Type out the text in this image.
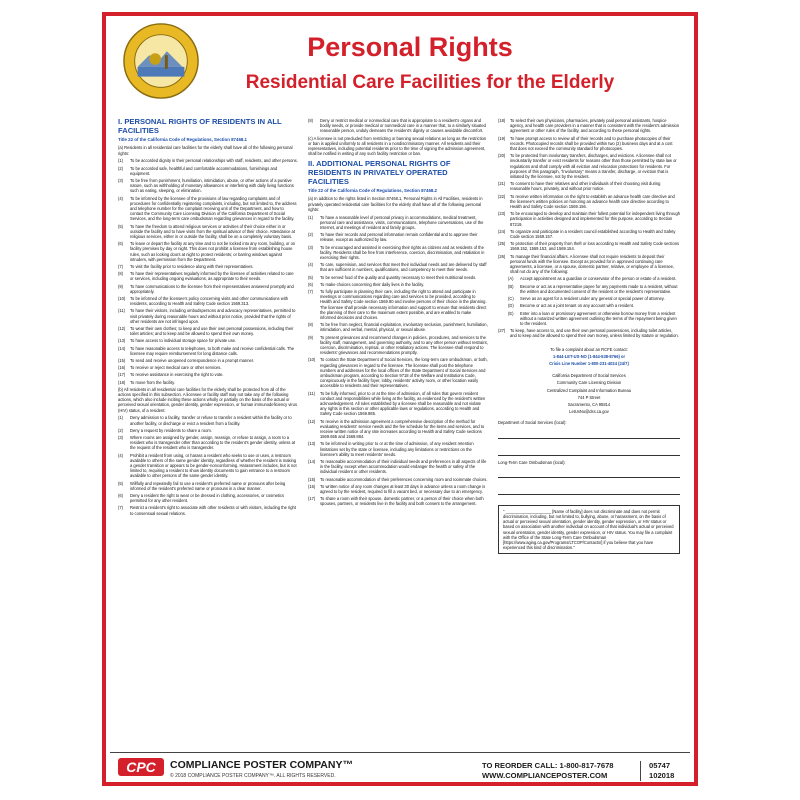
Personal Rights
Residential Care Facilities for the Elderly
I. PERSONAL RIGHTS OF RESIDENTS IN ALL FACILITIES
Title 22 of the California Code of Regulations, Section 87468.1

(a) Residents in all residential care facilities for the elderly shall have all of the following personal rights:

(1) To be accorded dignity in their personal relationships with staff, residents, and other persons.
(2) To be accorded safe, healthful and comfortable accommodations, furnishings and equipment.
(3) To be free from punishment, humiliation, intimidation, abuse, or other actions of a punitive nature, such as withholding of monetary allowances or interfering with daily living functions such as eating, sleeping, or elimination.
(4) To be informed by the licensee of the provisions of law regarding complaints and of procedures for confidentially registering complaints, including, but not limited to, the address and telephone number for the complaint receiving unit of the Department, and how to contact the Community Care Licensing Division of the California Department of Social Services, and the long-term care ombudsman regarding grievances in regard to the facility.
(5) To have the freedom to attend religious services or activities of their choice either in or outside the facility and to have visits from the spiritual advisor of their choice. Attendance at religious services, either in or outside the facility, shall be on a completely voluntary basis.
(6) To leave or depart the facility at any time and to not be locked into any room, building, or on facility premises by day or night. This does not prohibit a licensee from establishing house rules, such as locking doors at night to protect residents; or barring windows against intruders, with permission from the Department.
(7) To visit the facility prior to residence along with their representatives.
(8) To have their representatives regularly informed by the licensee of activities related to care or services, including ongoing evaluations, as appropriate to their needs.
(9) To have communications to the licensee from their representatives answered promptly and appropriately.
(10) To be informed of the licensee's policy concerning visits and other communications with residents, according to Health and Safety Code section 1569.313.
(11) To have their visitors, including ombudspersons and advocacy representatives, permitted to visit privately during reasonable hours and without prior notice, provided that the rights of other residents are not infringed upon.
(12) To wear their own clothes; to keep and use their own personal possessions, including their toilet articles; and to keep and be allowed to spend their own money.
(13) To have access to individual storage space for private use.
(14) To have reasonable access to telephones, to both make and receive confidential calls. The licensee may require reimbursement for long distance calls.
(15) To send and receive unopened correspondence in a prompt manner.
(16) To receive or reject medical care or other services.
(17) To receive assistance in exercising the right to vote.
(18) To move from the facility.

(b) All residents in all residential care facilities for the elderly shall be protected from all of the actions specified in this subsection. A licensee or facility staff may not take any of the following actions, which also include inciting these actions wholly or partially on the basis of the actual or perceived sexual orientation, gender identity, gender expression, or human immunodeficiency virus (HIV) status, of a resident:

(1) Deny admission to a facility, transfer or refuse to transfer a resident within the facility or to another facility, or discharge or evict a resident from a facility.
(2) Deny a request by residents to share a room.
(3) Where rooms are assigned by gender, assign, reassign, or refuse to assign, a room to a resident who is transgender other than according to the resident's gender identity, unless at the request of the resident who is transgender.
(4) Prohibit a resident from using, or harass a resident who seeks to use or uses, a restroom available to others of the same gender identity, regardless of whether the resident is making a gender transition or appears to be gender-nonconforming. Harassment includes, but is not limited to, requiring a resident to show identity documents to gain entrance to a restroom available to other persons of the same gender identity.
(5) Willfully and repeatedly fail to use a resident's preferred name or pronouns after being informed of the resident's preferred name or pronouns in a clear manner.
(6) Deny a resident the right to wear or be dressed in clothing, accessories, or cosmetics permitted for any other resident.
(7) Restrict a resident's right to associate with other residents or with visitors, including the right to consensual sexual relations.
(8) Deny or restrict medical or nonmedical care that is appropriate to a resident's organs and bodily needs, or provide medical or nonmedical care in a manner that, to a similarly situated reasonable person, unduly demeans the resident's dignity or causes avoidable discomfort.

(c) A licensee is not precluded from restricting or banning sexual relations as long as the restriction or ban is applied uniformly to all residents in a nondiscriminatory manner. All residents and their representatives, including potential residents prior to the time of signing the admission agreement, shall be notified in writing of any such facility restriction or ban.

II. ADDITIONAL PERSONAL RIGHTS OF RESIDENTS IN PRIVATELY OPERATED FACILITIES
Title 22 of the California Code of Regulations, Section 87468.2

(a) In addition to the rights listed in Section 87468.1, Personal Rights in All Facilities, residents in privately operated residential care facilities for the elderly shall have all of the following personal rights:

(1) To have a reasonable level of personal privacy in accommodations, medical treatment, personal care and assistance, visits, communications, telephone conversations, use of the Internet, and meetings of resident and family groups.
(2) To have their records and personal information remain confidential and to approve their release, except as authorized by law.
(3) To be encouraged and assisted in exercising their rights as citizens and as residents of the facility. Residents shall be free from interference, coercion, discrimination, and retaliation in exercising their rights.
(4) To care, supervision, and services that meet their individual needs and are delivered by staff that are sufficient in numbers, qualifications, and competency to meet their needs.
(5) To be served food of the quality and quantity necessary to meet their nutritional needs.
(6) To make choices concerning their daily lives in the facility.
(7) To fully participate in planning their care, including the right to attend and participate in meetings or communications regarding care and services to be provided, according to Health and Safety Code section 1569.80 and involve persons of their choice in the planning. The licensee shall provide necessary information and support to ensure that residents direct the planning of their care to the maximum extent possible, and are enabled to make informed decisions and choices.
(8) To be free from neglect, financial exploitation, involuntary seclusion, punishment, humiliation, intimidation, and verbal, mental, physical, or sexual abuse.
(9) To present grievances and recommend changes in policies, procedures, and services to the facility staff, management, and governing authority, and to any other person without restraint, coercion, discrimination, reprisal, or other retaliatory actions. The licensee shall respond to residents' grievances and recommendations promptly.
(10) To contact the State Department of Social Services, the long-term care ombudsman, or both, regarding grievances in regard to the licensee. The licensee shall post the telephone numbers and addresses for the local offices of the State Department of Social Services and ombudsman program, according to Section 9718 of the Welfare and Institutions Code, conspicuously in the facility foyer, lobby, residents' activity room, or other location easily accessible to residents and their representatives.
(11) To be fully informed, prior to or at the time of admission, of all rules that govern resident conduct and responsibilities while living at the facility, as evidenced by the resident's written acknowledgement. All rules established by a licensee shall be reasonable and not violate any rights in this section or other applicable laws or regulations, according to Health and Safety Code section 1569.885.
(12) To receive in the admission agreement a comprehensive description of the method for evaluating residents' service needs and the fee schedule for the items and services, and to receive written notice of any rate increases according to Health and Safety Code sections 1569.655 and 1569.884.
(13) To be informed in writing prior to or at the time of admission, of any resident retention limitations set by the state or licensee, including any limitations or restrictions on the licensee's ability to meet residents' needs.
(14) To reasonable accommodation of their individual needs and preferences in all aspects of life in the facility, except when accommodation would endanger the health or safety of the individual resident or other residents.
(15) To reasonable accommodation of their preferences concerning room and roommate choices.
(16) To written notice of any room changes at least 30 days in advance unless a room change is agreed to by the resident, required to fill a vacant bed, or necessary due to an emergency.
(17) To share a room with their spouse, domestic partner, or a person of their choice when both spouses, partners, or residents live in the facility and both consent to the arrangement.
(18) To select their own physicians, pharmacies, privately paid personal assistants, hospice agency, and health care providers in a manner that is consistent with the resident's admission agreement or other rules of the facility, and according to these personal rights.
(19) To have prompt access to review all of their records and to purchase photocopies of their records. Photocopied records shall be provided within two (2) business days and at a cost that does not exceed the community standard for photocopies.
(20) To be protected from involuntary transfers, discharges, and evictions. A licensee shall not involuntarily transfer or evict residents for reasons other than those permitted by state law or regulations and shall comply with all eviction and relocation protections for residents. For purposes of this paragraph, "involuntary" means a transfer, discharge, or eviction that is initiated by the licensee, not by the resident.
(21) To consent to have their relatives and other individuals of their choosing visit during reasonable hours, privately, and without prior notice.
(22) To receive written information on the right to establish an advance health care directive and the licensee's written policies on honoring an advance health care directive according to Health and Safety Code section 1569.156.
(23) To be encouraged to develop and maintain their fullest potential for independent living through participation in activities designed and implemented for this purpose, according to Section 87219.
(24) To organize and participate in a resident council established according to Health and Safety Code section 1569.157.
(25) To protection of their property from theft or loss according to Health and Safety Code sections 1569.152, 1569.153, and 1569.154.
(26) To manage their financial affairs. A licensee shall not require residents to deposit their personal funds with the licensee. Except as provided for in approved continuing care agreements, a licensee, or a spouse, domestic partner, relative, or employee of a licensee, shall not do any of the following:
(A) Accept appointment as a guardian or conservator of the person or estate of a resident.
(B) Become or act as a representative payee for any payments made to a resident, without the written and documented consent of the resident or the resident's representative.
(C) Serve as an agent for a resident under any general or special power of attorney.
(D) Become or act as a joint tenant on any account with a resident.
(E) Enter into a loan or promissory agreement or otherwise borrow money from a resident without a notarized written agreement outlining the terms of the repayment being given to the resident.
(27) To keep, have access to, and use their own personal possessions, including toilet articles, and to keep and be allowed to spend their own money, unless limited by statute or regulation.
To file a complaint about an RCFE contact:
1-844-LET-US-NO (1-844-538-8766) or
Crisis Line Number 1-800-231-4024 (24/7)
California Department of Social Services
Community Care Licensing Division
Centralized Complaint and Information Bureau
744 P Street
Sacramento, CA 95814
LetUsNo@dss.ca.gov
Department of Social Services (local):
Long-Term Care Ombudsman (local):
" ____________________ [Name of facility] does not discriminate and does not permit discrimination, including, but not limited to, bullying, abuse, or harassment, on the basis of actual or perceived sexual orientation, gender identity, gender expression, or HIV status or based on association with another individual on account of that individual's actual or perceived sexual orientation, gender identity, gender expression, or HIV status. You may file a complaint with the Office of the State Long-Term Care Ombudsman [https://www.aging.ca.gov/Programs/LTCOP/Contacts/] if you believe that you have experienced this kind of discrimination."
CPC	COMPLIANCE POSTER COMPANY™
© 2018 COMPLIANCE POSTER COMPANY™. ALL RIGHTS RESERVED.
TO REORDER CALL: 1-800-817-7678
WWW.COMPLIANCEPOSTER.COM
05747
102018
